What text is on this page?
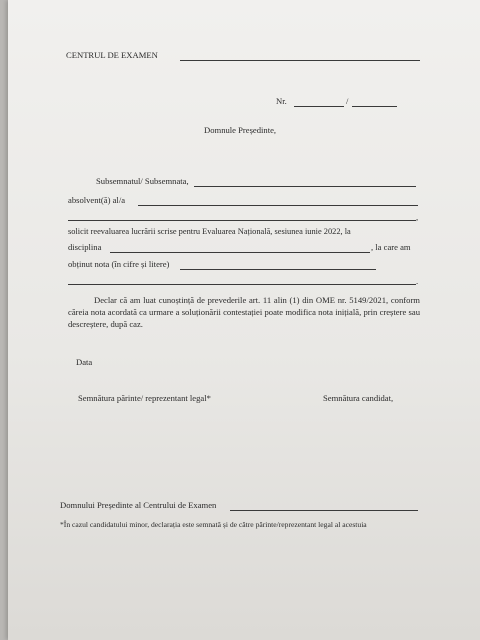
CENTRUL DE EXAMEN
Nr.	/
Domnule Președinte,
Subsemnatul/ Subsemnata,
absolvent(ă) al/a
,
solicit reevaluarea lucrării scrise pentru Evaluarea Națională, sesiunea iunie 2022, la
disciplina	, la care am
obținut nota (în cifre și litere)
.
Declar că am luat cunoștință de prevederile art. 11 alin (1) din OME nr. 5149/2021, conform căreia nota acordată ca urmare a soluționării contestației poate modifica nota inițială, prin creștere sau descreștere, după caz.
Data
Semnătura părinte/ reprezentant legal*	Semnătura candidat,
Domnului Președinte al Centrului de Examen
*În cazul candidatului minor, declarația este semnată și de către părinte/reprezentant legal al acestuia
